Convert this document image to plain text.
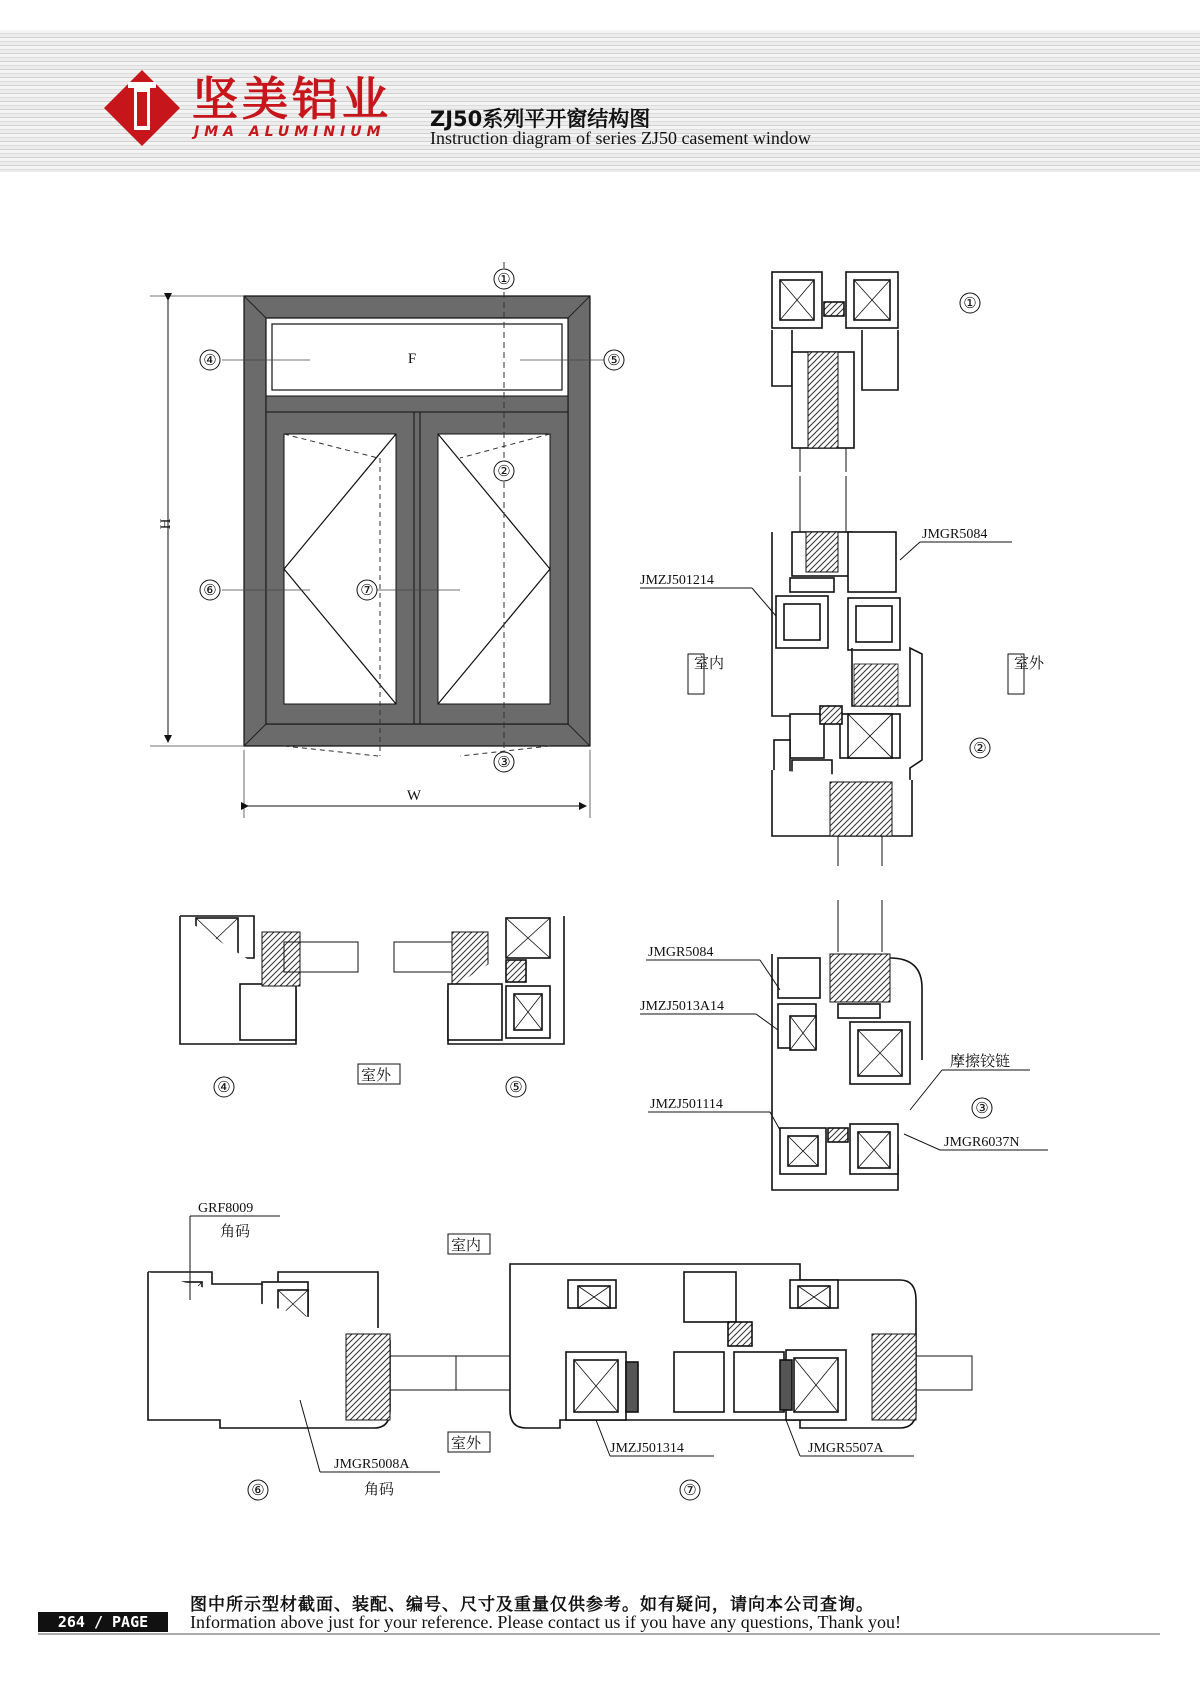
坚美铝业
JMA ALUMINIUM
ZJ50系列平开窗结构图
Instruction diagram of series ZJ50 casement window
F
H
W
①
④	⑤
②
⑥	⑦
③
①
室内	室外
②
JMGR5084
JMZJ501214
JMGR5084
JMZJ5013A14
摩擦铰链
③
JMZJ501114
JMGR6037N
室外
④	⑤
GRF8009
角码
室内
室外
JMGR5008A
角码
JMZJ501314	JMGR5507A
⑥	⑦
264 / PAGE
图中所示型材截面、装配、编号、尺寸及重量仅供参考。如有疑问，请向本公司查询。
Information above just for your reference. Please contact us if you have any questions, Thank you!
